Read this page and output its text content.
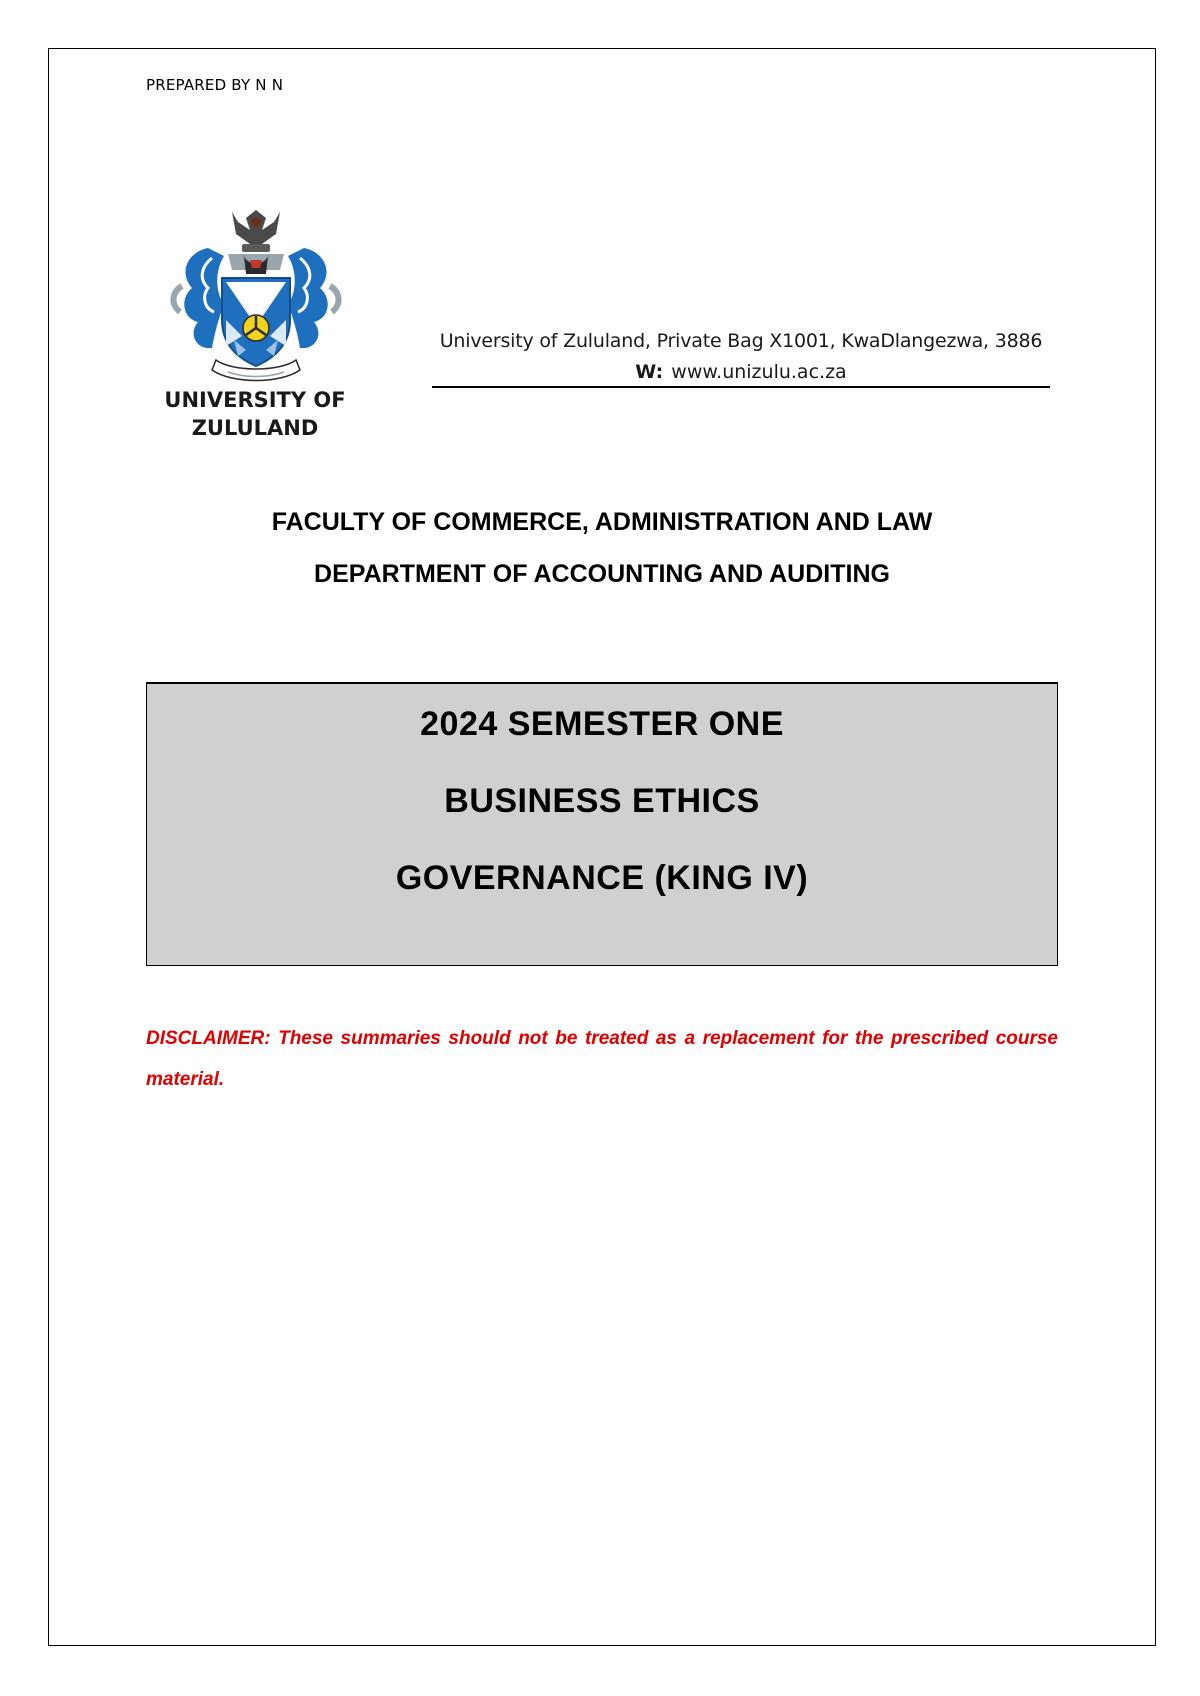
PREPARED BY N N
UNIVERSITY OF
ZULULAND
University of Zululand, Private Bag X1001, KwaDlangezwa, 3886
W: www.unizulu.ac.za
FACULTY OF COMMERCE, ADMINISTRATION AND LAW
DEPARTMENT OF ACCOUNTING AND AUDITING
2024 SEMESTER ONE
BUSINESS ETHICS
GOVERNANCE (KING IV)
DISCLAIMER: These summaries should not be treated as a replacement for the prescribed course material.
